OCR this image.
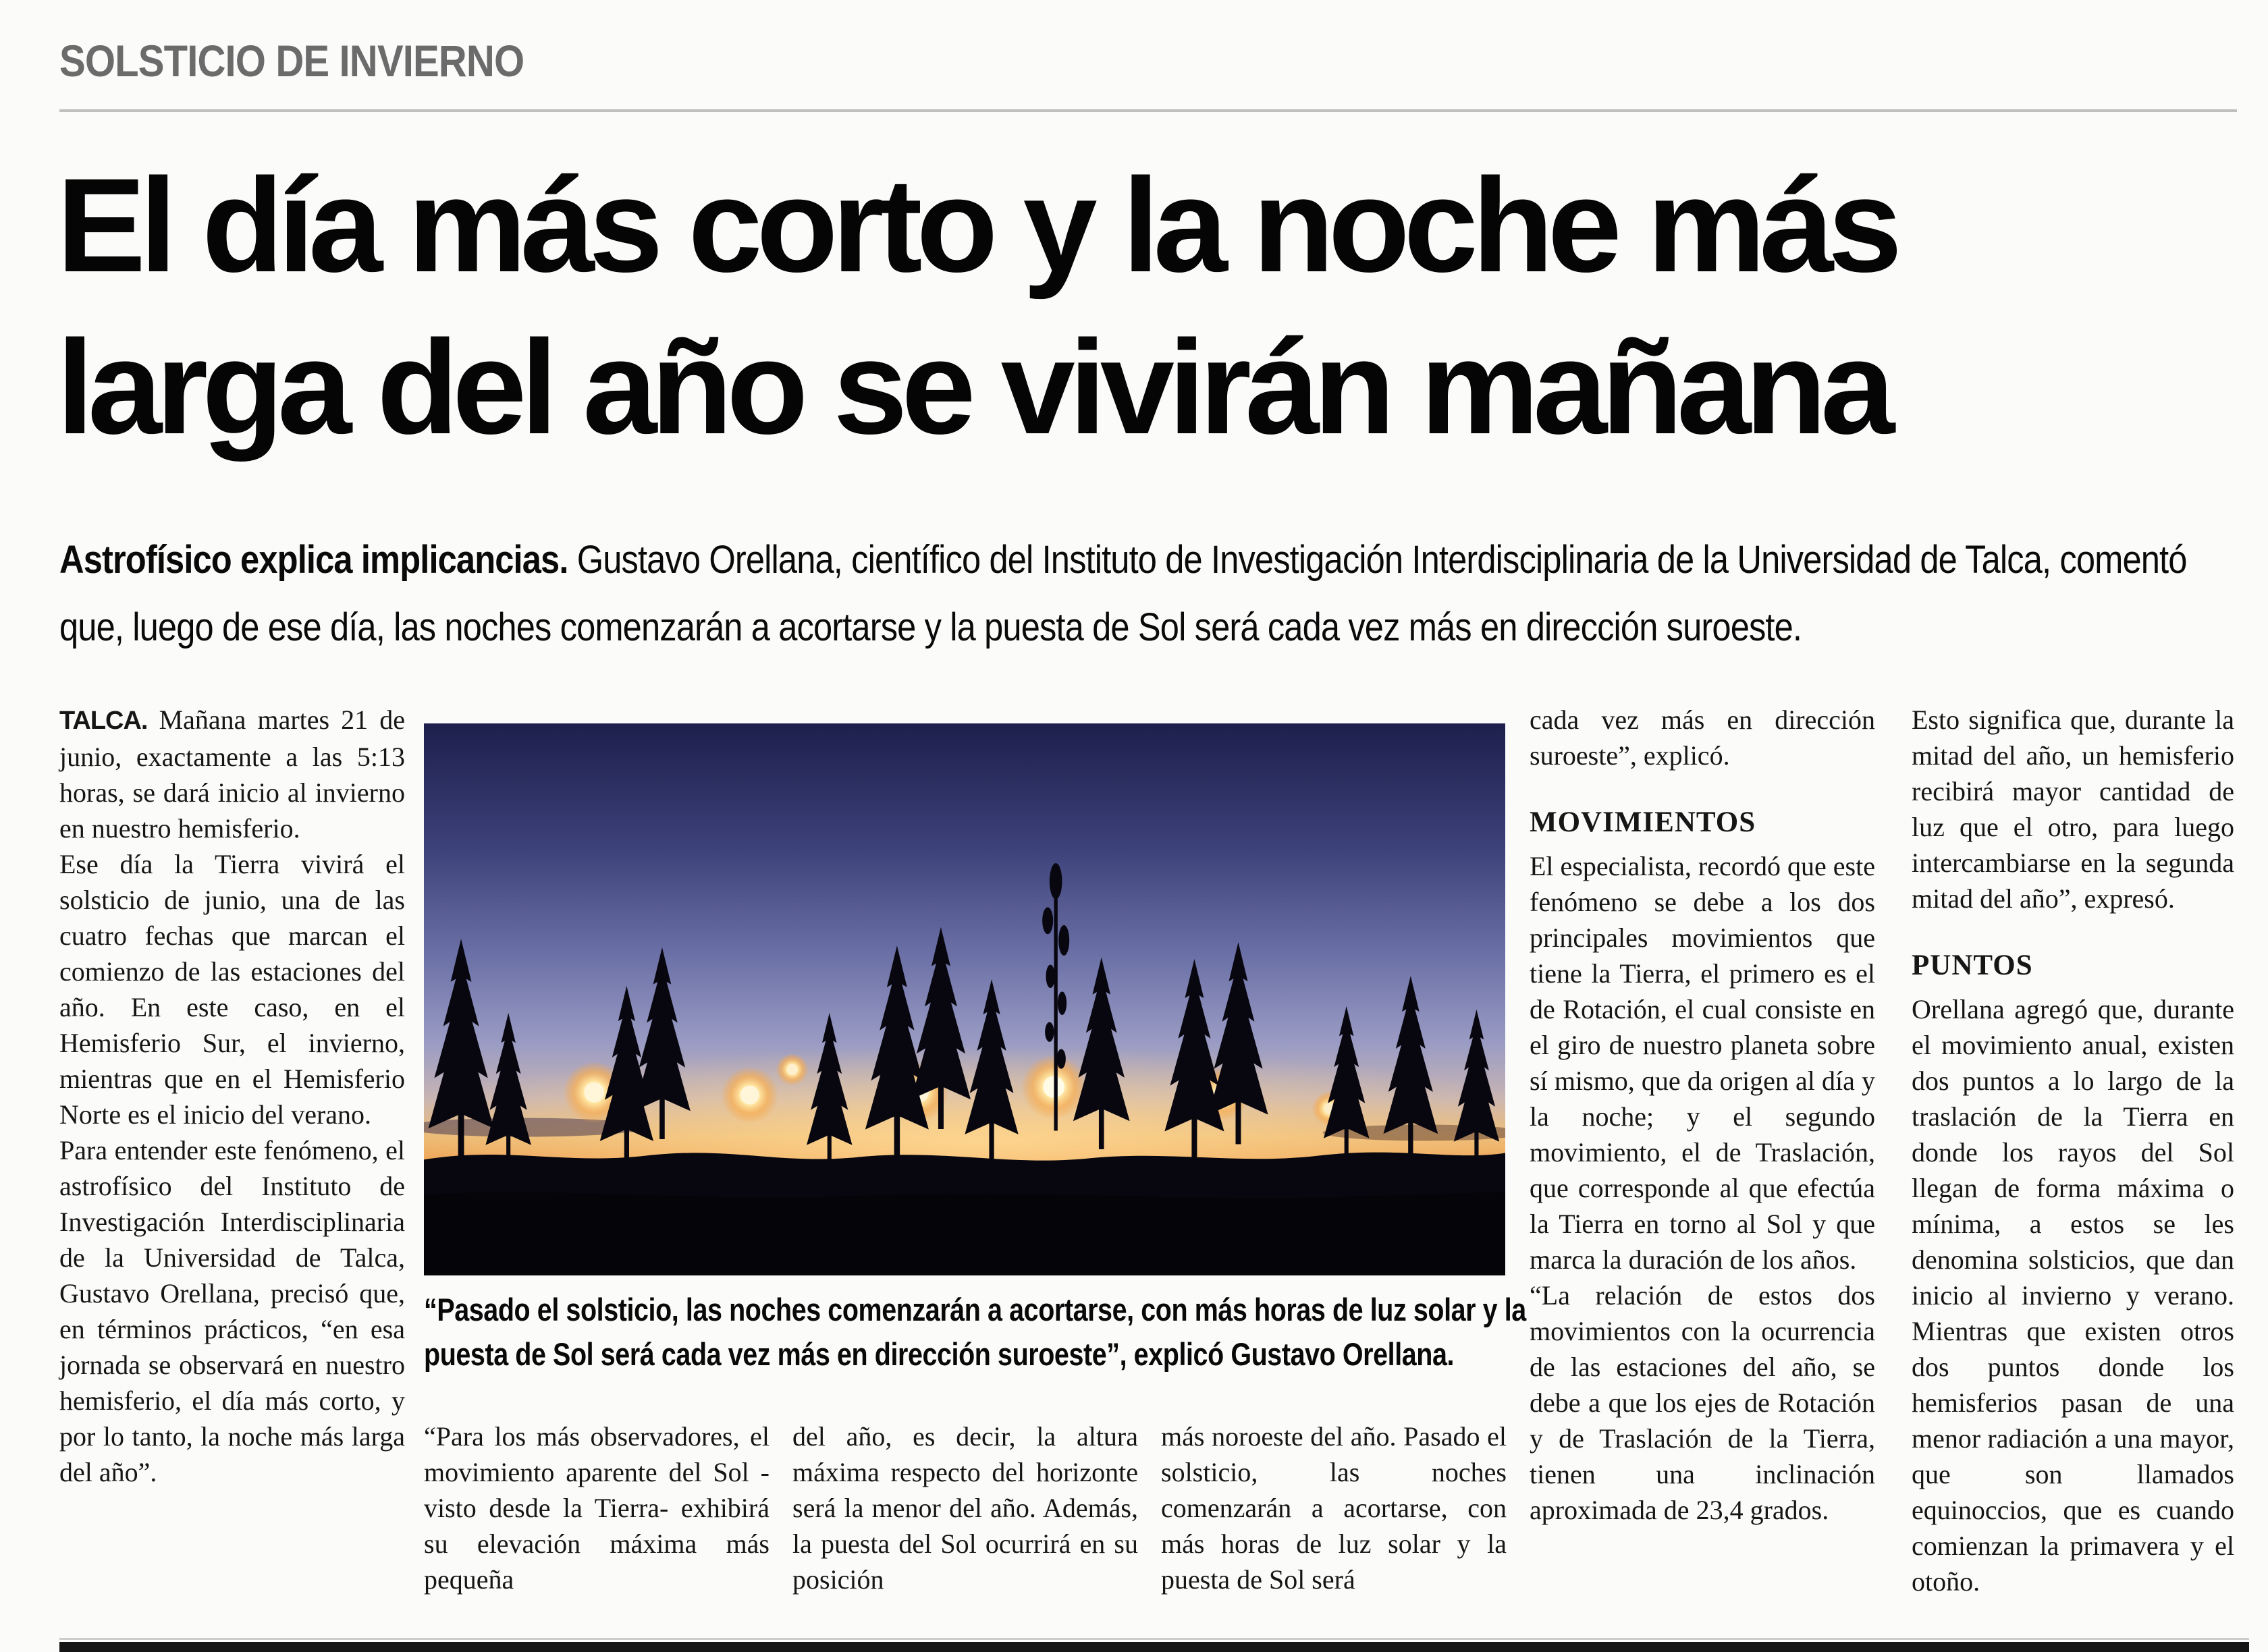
SOLSTICIO DE INVIERNO
El día más corto y la noche más
larga del año se vivirán mañana
Astrofísico explica implicancias. Gustavo Orellana, científico del Instituto de Investigación Interdisciplinaria de la Universidad de Talca, comentó que, luego de ese día, las noches comenzarán a acortarse y la puesta de Sol será cada vez más en dirección suroeste.

TALCA. Mañana martes 21 de junio, exactamente a las 5:13 horas, se dará inicio al invierno en nuestro hemisferio.

Ese día la Tierra vivirá el solsticio de junio, una de las cuatro fechas que marcan el comienzo de las estaciones del año. En este caso, en el Hemisferio Sur, el invierno, mientras que en el Hemisferio Norte es el inicio del verano.

Para entender este fenómeno, el astrofísico del Instituto de Investigación Interdisciplinaria de la Universidad de Talca, Gustavo Orellana, precisó que, en términos prácticos, “en esa jornada se observará en nuestro hemisferio, el día más corto, y por lo tanto, la noche más larga del año”.

“Pasado el solsticio, las noches comenzarán a acortarse, con más horas de luz solar y la puesta de Sol será cada vez más en dirección suroeste”, explicó Gustavo Orellana.

“Para los más observadores, el movimiento aparente del Sol -visto desde la Tierra- exhibirá su elevación máxima más pequeña

del año, es decir, la altura máxima respecto del horizonte será la menor del año. Además, la puesta del Sol ocurrirá en su posición

más noroeste del año. Pasado el solsticio, las noches comenzarán a acortarse, con más horas de luz solar y la puesta de Sol será

cada vez más en dirección suroeste”, explicó.

MOVIMIENTOS

El especialista, recordó que este fenómeno se debe a los dos principales movimientos que tiene la Tierra, el primero es el de Rotación, el cual consiste en el giro de nuestro planeta sobre sí mismo, que da origen al día y la noche; y el segundo movimiento, el de Traslación, que corresponde al que efectúa la Tierra en torno al Sol y que marca la duración de los años.

“La relación de estos dos movimientos con la ocurrencia de las estaciones del año, se debe a que los ejes de Rotación y de Traslación de la Tierra, tienen una inclinación aproximada de 23,4 grados.

Esto significa que, durante la mitad del año, un hemisferio recibirá mayor cantidad de luz que el otro, para luego intercambiarse en la segunda mitad del año”, expresó.

PUNTOS

Orellana agregó que, durante el movimiento anual, existen dos puntos a lo largo de la traslación de la Tierra en donde los rayos del Sol llegan de forma máxima o mínima, a estos se les denomina solsticios, que dan inicio al invierno y verano. Mientras que existen otros dos puntos donde los hemisferios pasan de una menor radiación a una mayor, que son llamados equinoccios, que es cuando comienzan la primavera y el otoño.
